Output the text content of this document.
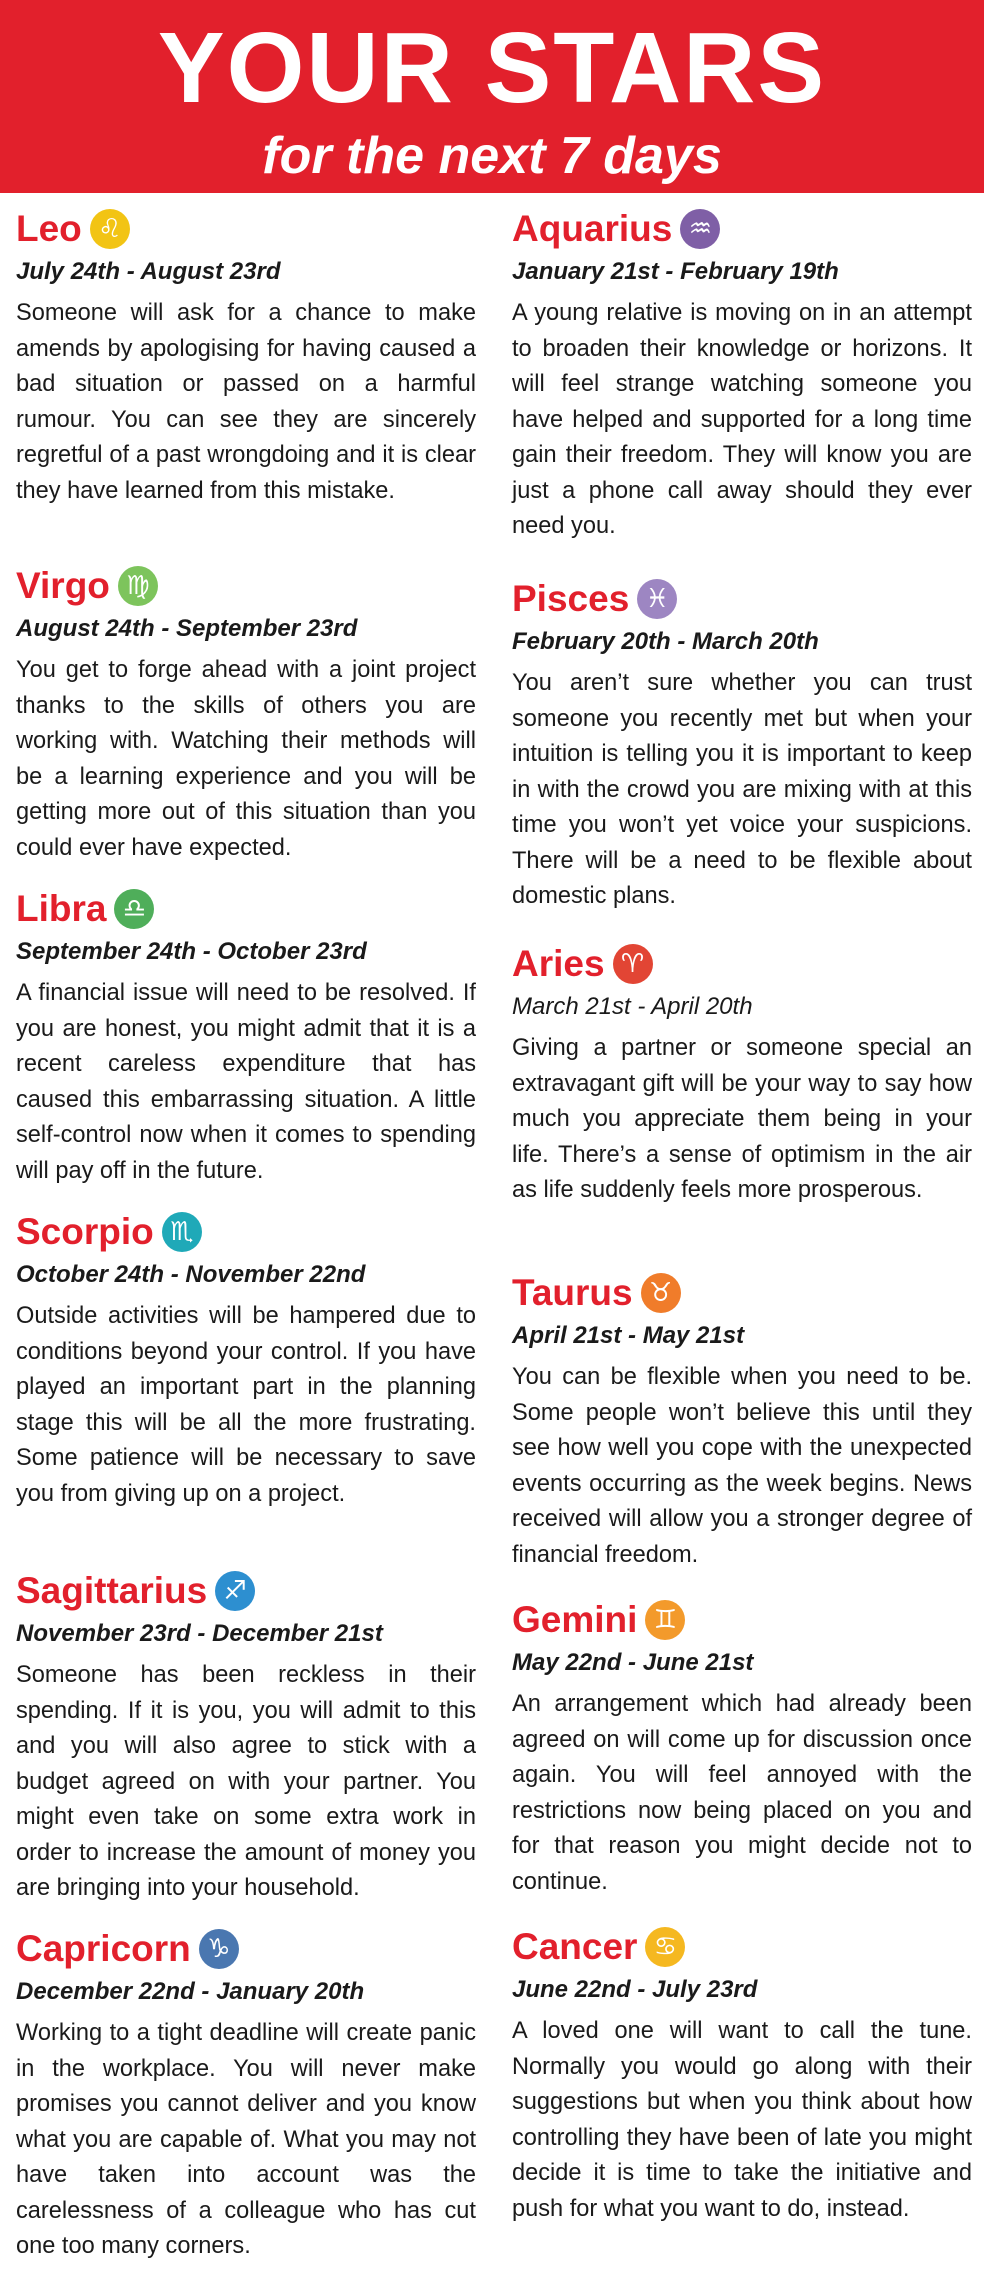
YOUR STARS
for the next 7 days
Leo ♌
July 24th - August 23rd
Someone will ask for a chance to make amends by apologising for having caused a bad situation or passed on a harmful rumour. You can see they are sincerely regretful of a past wrongdoing and it is clear they have learned from this mistake.
Virgo ♍
August 24th - September 23rd
You get to forge ahead with a joint project thanks to the skills of others you are working with. Watching their methods will be a learning experience and you will be getting more out of this situation than you could ever have expected.
Libra ♎
September 24th - October 23rd
A financial issue will need to be resolved. If you are honest, you might admit that it is a recent careless expenditure that has caused this embarrassing situation. A little self-control now when it comes to spending will pay off in the future.
Scorpio ♏
October 24th - November 22nd
Outside activities will be hampered due to conditions beyond your control. If you have played an important part in the planning stage this will be all the more frustrating. Some patience will be necessary to save you from giving up on a project.
Sagittarius ♐
November 23rd - December 21st
Someone has been reckless in their spending. If it is you, you will admit to this and you will also agree to stick with a budget agreed on with your partner. You might even take on some extra work in order to increase the amount of money you are bringing into your household.
Capricorn ♑
December 22nd - January 20th
Working to a tight deadline will create panic in the workplace. You will never make promises you cannot deliver and you know what you are capable of. What you may not have taken into account was the carelessness of a colleague who has cut one too many corners.
Aquarius ♒
January 21st - February 19th
A young relative is moving on in an attempt to broaden their knowledge or horizons. It will feel strange watching someone you have helped and supported for a long time gain their freedom. They will know you are just a phone call away should they ever need you.
Pisces ♓
February 20th - March 20th
You aren’t sure whether you can trust someone you recently met but when your intuition is telling you it is important to keep in with the crowd you are mixing with at this time you won’t yet voice your suspicions. There will be a need to be flexible about domestic plans.
Aries ♈
March 21st - April 20th
Giving a partner or someone special an extravagant gift will be your way to say how much you appreciate them being in your life. There’s a sense of optimism in the air as life suddenly feels more prosperous.
Taurus ♉
April 21st - May 21st
You can be flexible when you need to be. Some people won’t believe this until they see how well you cope with the unexpected events occurring as the week begins. News received will allow you a stronger degree of financial freedom.
Gemini ♊
May 22nd - June 21st
An arrangement which had already been agreed on will come up for discussion once again. You will feel annoyed with the restrictions now being placed on you and for that reason you might decide not to continue.
Cancer ♋
June 22nd - July 23rd
A loved one will want to call the tune. Normally you would go along with their suggestions but when you think about how controlling they have been of late you might decide it is time to take the initiative and push for what you want to do, instead.
